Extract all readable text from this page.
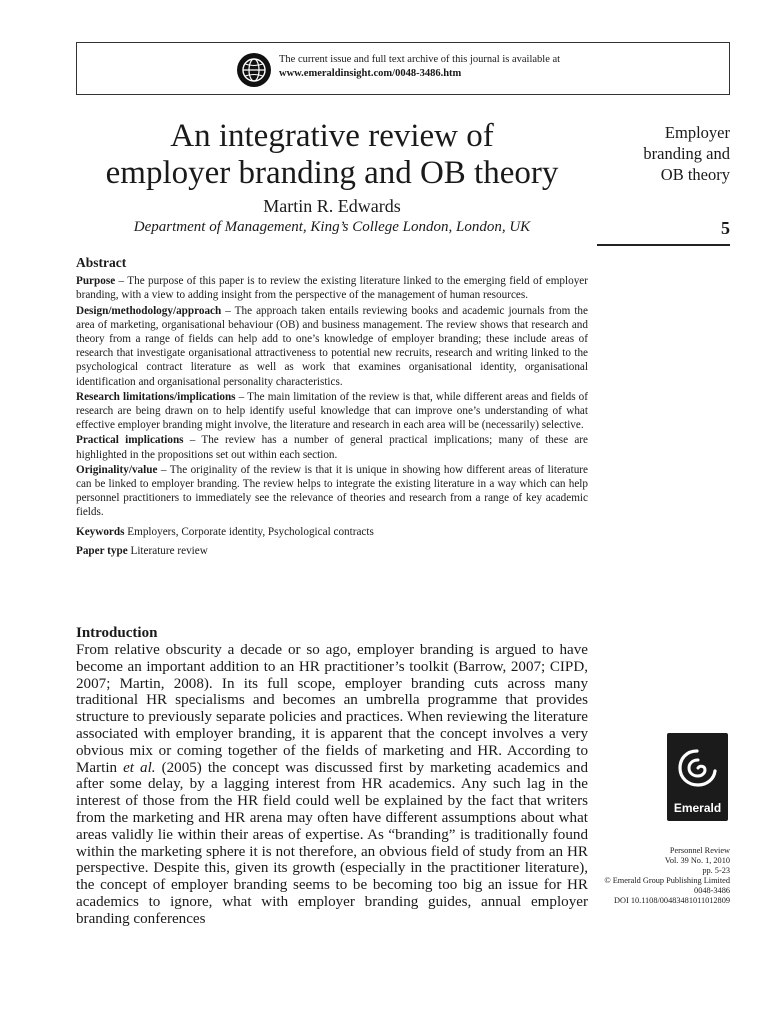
The current issue and full text archive of this journal is available at
www.emeraldinsight.com/0048-3486.htm
An integrative review of
employer branding and OB theory
Martin R. Edwards
Department of Management, King’s College London, London, UK
Employer
branding and
OB theory
5
Abstract

Purpose – The purpose of this paper is to review the existing literature linked to the emerging field of employer branding, with a view to adding insight from the perspective of the management of human resources.

Design/methodology/approach – The approach taken entails reviewing books and academic journals from the area of marketing, organisational behaviour (OB) and business management. The review shows that research and theory from a range of fields can help add to one’s knowledge of employer branding; these include areas of research that investigate organisational attractiveness to potential new recruits, research and writing linked to the psychological contract literature as well as work that examines organisational identity, organisational identification and organisational personality characteristics.

Research limitations/implications – The main limitation of the review is that, while different areas and fields of research are being drawn on to help identify useful knowledge that can improve one’s understanding of what effective employer branding might involve, the literature and research in each area will be (necessarily) selective.

Practical implications – The review has a number of general practical implications; many of these are highlighted in the propositions set out within each section.

Originality/value – The originality of the review is that it is unique in showing how different areas of literature can be linked to employer branding. The review helps to integrate the existing literature in a way which can help personnel practitioners to immediately see the relevance of theories and research from a range of key academic fields.

Keywords Employers, Corporate identity, Psychological contracts

Paper type Literature review

Introduction

From relative obscurity a decade or so ago, employer branding is argued to have become an important addition to an HR practitioner’s toolkit (Barrow, 2007; CIPD, 2007; Martin, 2008). In its full scope, employer branding cuts across many traditional HR specialisms and becomes an umbrella programme that provides structure to previously separate policies and practices. When reviewing the literature associated with employer branding, it is apparent that the concept involves a very obvious mix or coming together of the fields of marketing and HR. According to Martin et al. (2005) the concept was discussed first by marketing academics and after some delay, by a lagging interest from HR academics. Any such lag in the interest of those from the HR field could well be explained by the fact that writers from the marketing and HR arena may often have different assumptions about what areas validly lie within their areas of expertise. As “branding” is traditionally found within the marketing sphere it is not therefore, an obvious field of study from an HR perspective. Despite this, given its growth (especially in the practitioner literature), the concept of employer branding seems to be becoming too big an issue for HR academics to ignore, what with employer branding guides, annual employer branding conferences

Emerald
Personnel Review
Vol. 39 No. 1, 2010
pp. 5-23
© Emerald Group Publishing Limited
0048-3486
DOI 10.1108/00483481011012809
